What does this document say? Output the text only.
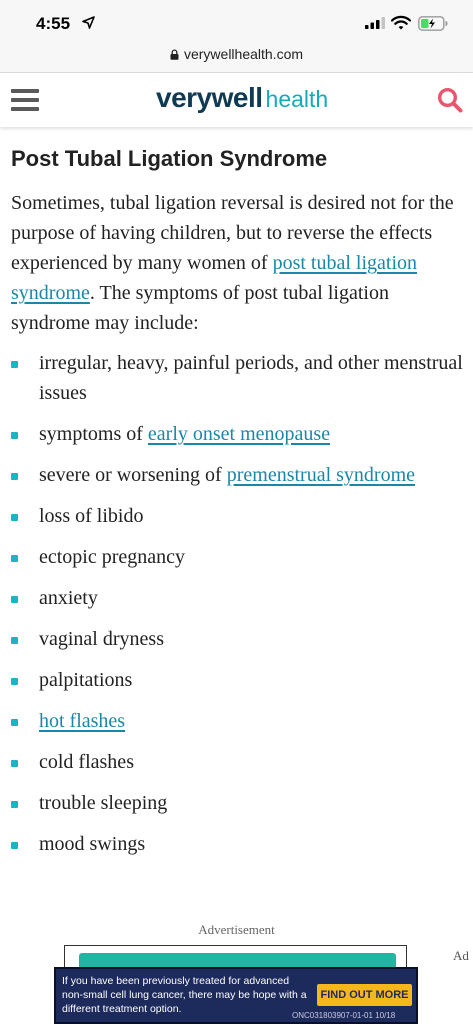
4:55
verywellhealth.com
verywell health
Post Tubal Ligation Syndrome

Sometimes, tubal ligation reversal is desired not for the purpose of having children, but to reverse the effects experienced by many women of post tubal ligation syndrome. The symptoms of post tubal ligation syndrome may include:

irregular, heavy, painful periods, and other menstrual issues
symptoms of early onset menopause
severe or worsening of premenstrual syndrome
loss of libido
ectopic pregnancy
anxiety
vaginal dryness
palpitations
hot flashes
cold flashes
trouble sleeping
mood swings
Advertisement
Ad
If you have been previously treated for advanced non-small cell lung cancer, there may be hope with a different treatment option.
FIND OUT MORE
ONC031803907-01-01 10/18
